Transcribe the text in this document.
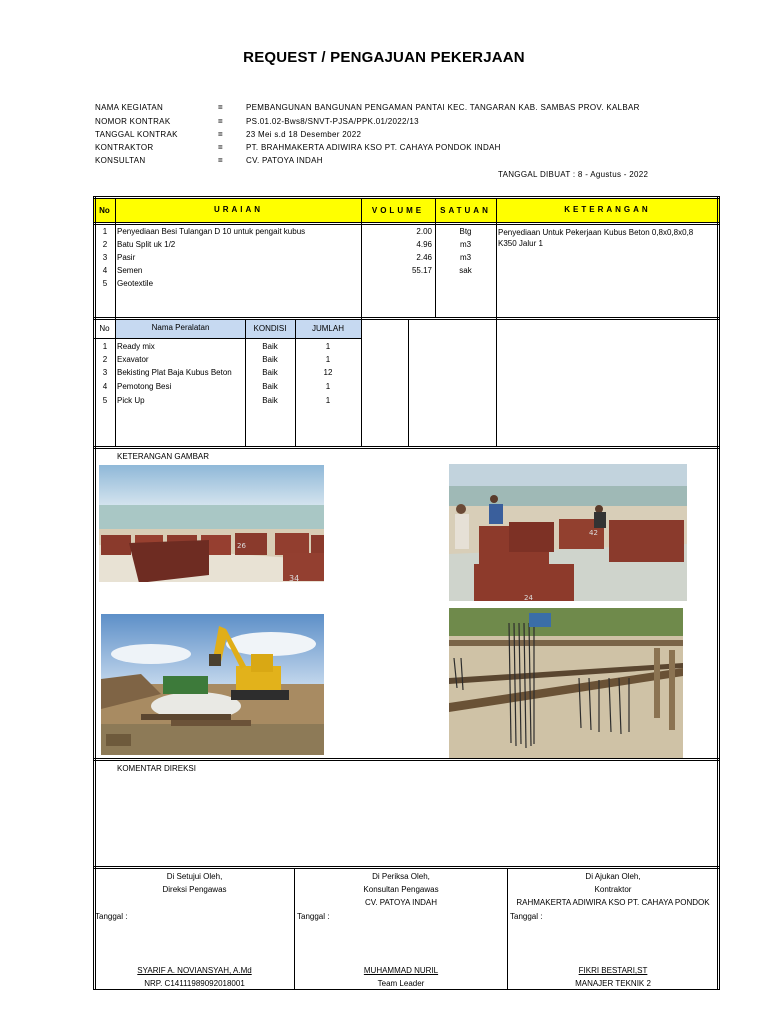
REQUEST / PENGAJUAN PEKERJAAN
NAMA KEGIATAN	=	PEMBANGUNAN BANGUNAN PENGAMAN PANTAI KEC. TANGARAN KAB. SAMBAS PROV. KALBAR
NOMOR KONTRAK	=	PS.01.02-Bws8/SNVT-PJSA/PPK.01/2022/13
TANGGAL KONTRAK	=	23 Mei s.d 18 Desember 2022
KONTRAKTOR	=	PT. BRAHMAKERTA ADIWIRA KSO PT. CAHAYA PONDOK INDAH
KONSULTAN	=	CV. PATOYA INDAH
TANGGAL DIBUAT : 8 - Agustus - 2022
No	URAIAN	VOLUME	SATUAN	KETERANGAN
1	Penyediaan Besi Tulangan D 10 untuk pengait kubus	2.00	Btg
2	Batu Split uk 1/2	4.96	m3
3	Pasir	2.46	m3
4	Semen	55.17	sak
5	Geotextile
Penyediaan Untuk Pekerjaan Kubus Beton 0,8x0,8x0,8 K350 Jalur 1
No	Nama Peralatan	KONDISI	JUMLAH
1	Ready mix	Baik	1
2	Exavator	Baik	1
3	Bekisting Plat Baja Kubus Beton	Baik	12
4	Pemotong Besi	Baik	1
5	Pick Up	Baik	1
KETERANGAN GAMBAR
26
34
42
24
KOMENTAR DIREKSI
Di Setujui Oleh,
Direksi Pengawas
Tanggal :
SYARIF A. NOVIANSYAH, A.Md
NRP. C14111989092018001
Di Periksa Oleh,
Konsultan Pengawas
CV. PATOYA INDAH
Tanggal :
MUHAMMAD NURIL
Team Leader
Di Ajukan Oleh,
Kontraktor
RAHMAKERTA ADIWIRA KSO PT. CAHAYA PONDOK
Tanggal :
FIKRI BESTARI,ST
MANAJER TEKNIK 2
